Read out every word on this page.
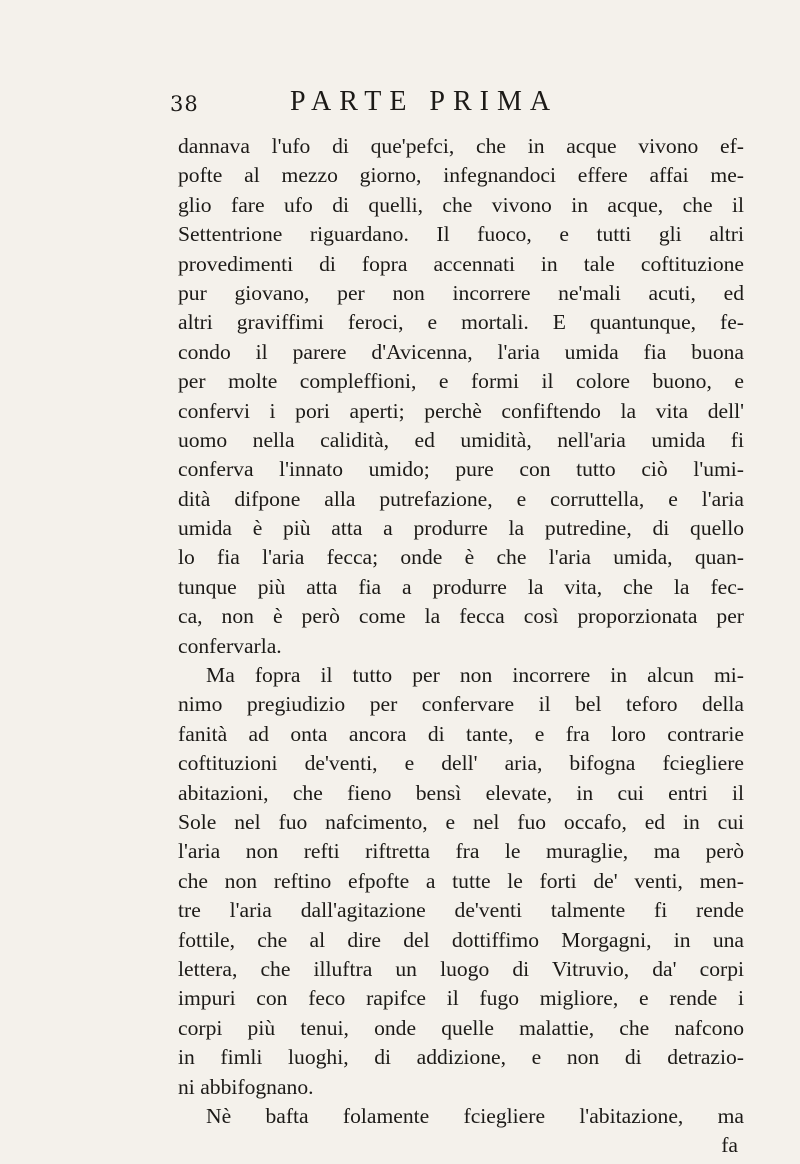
38	PARTE PRIMA
dannava l'ufo di que'pefci, che in acque vivono ef-
pofte al mezzo giorno, infegnandoci effere affai me-
glio fare ufo di quelli, che vivono in acque, che il
Settentrione riguardano. Il fuoco, e tutti gli altri
provedimenti di fopra accennati in tale coftituzione
pur giovano, per non incorrere ne'mali acuti, ed
altri graviffimi feroci, e mortali. E quantunque, fe-
condo il parere d'Avicenna, l'aria umida fia buona
per molte compleffioni, e formi il colore buono, e
confervi i pori aperti; perchè confiftendo la vita dell'
uomo nella calidità, ed umidità, nell'aria umida fi
conferva l'innato umido; pure con tutto ciò l'umi-
dità difpone alla putrefazione, e corruttella, e l'aria
umida è più atta a produrre la putredine, di quello
lo fia l'aria fecca; onde è che l'aria umida, quan-
tunque più atta fia a produrre la vita, che la fec-
ca, non è però come la fecca così proporzionata per
confervarla.
Ma fopra il tutto per non incorrere in alcun mi-
nimo pregiudizio per confervare il bel teforo della
fanità ad onta ancora di tante, e fra loro contrarie
coftituzioni de'venti, e dell' aria, bifogna fciegliere
abitazioni, che fieno bensì elevate, in cui entri il
Sole nel fuo nafcimento, e nel fuo occafo, ed in cui
l'aria non refti riftretta fra le muraglie, ma però
che non reftino efpofte a tutte le forti de' venti, men-
tre l'aria dall'agitazione de'venti talmente fi rende
fottile, che al dire del dottiffimo Morgagni, in una
lettera, che illuftra un luogo di Vitruvio, da' corpi
impuri con feco rapifce il fugo migliore, e rende i
corpi più tenui, onde quelle malattie, che nafcono
in fimli luoghi, di addizione, e non di detrazio-
ni abbifognano.
Nè bafta folamente fciegliere l'abitazione, ma
fa
